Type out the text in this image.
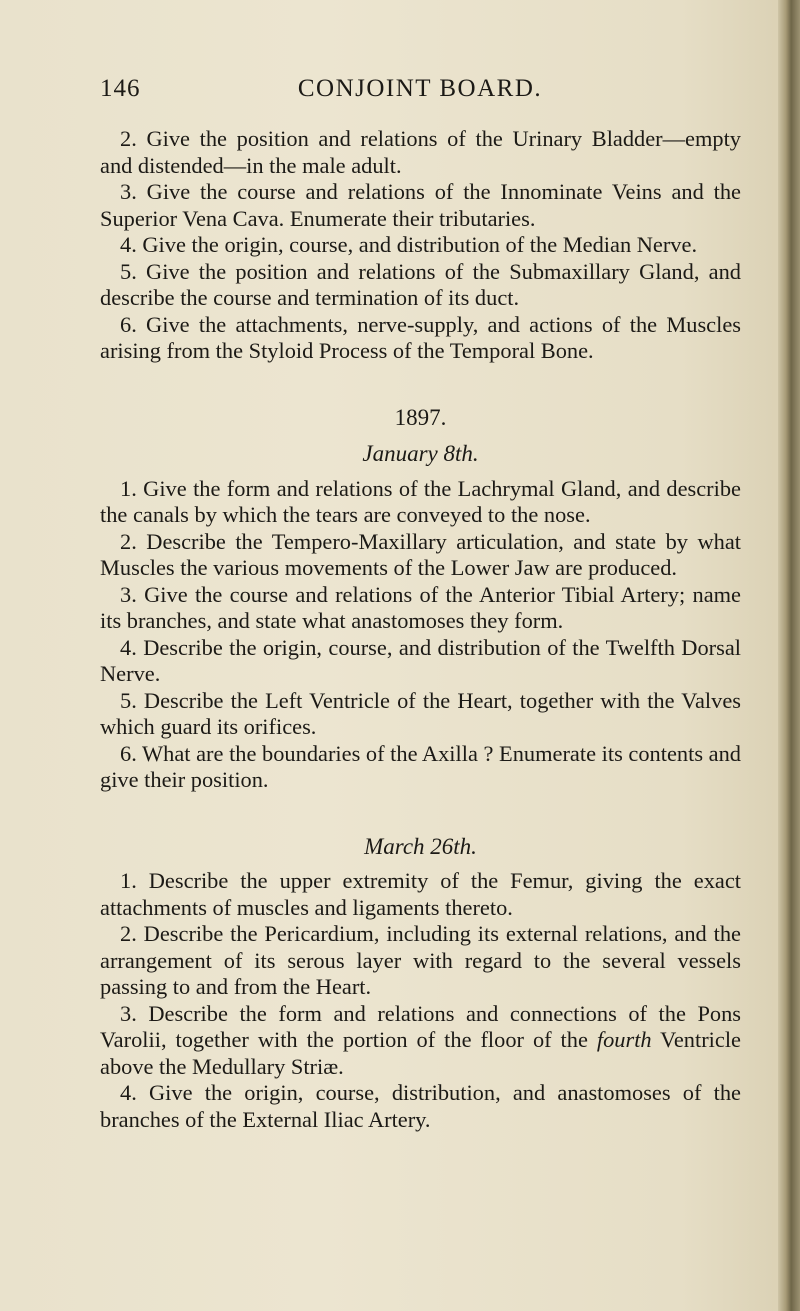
146	CONJOINT BOARD.

2. Give the position and relations of the Urinary Bladder—empty and distended—in the male adult.

3. Give the course and relations of the Innominate Veins and the Superior Vena Cava. Enumerate their tributaries.

4. Give the origin, course, and distribution of the Median Nerve.

5. Give the position and relations of the Submaxillary Gland, and describe the course and termination of its duct.

6. Give the attachments, nerve-supply, and actions of the Muscles arising from the Styloid Process of the Temporal Bone.

1897.

January 8th.

1. Give the form and relations of the Lachrymal Gland, and describe the canals by which the tears are conveyed to the nose.

2. Describe the Tempero-Maxillary articulation, and state by what Muscles the various movements of the Lower Jaw are produced.

3. Give the course and relations of the Anterior Tibial Artery; name its branches, and state what anastomoses they form.

4. Describe the origin, course, and distribution of the Twelfth Dorsal Nerve.

5. Describe the Left Ventricle of the Heart, together with the Valves which guard its orifices.

6. What are the boundaries of the Axilla ? Enumerate its contents and give their position.

March 26th.

1. Describe the upper extremity of the Femur, giving the exact attachments of muscles and ligaments thereto.

2. Describe the Pericardium, including its external relations, and the arrangement of its serous layer with regard to the several vessels passing to and from the Heart.

3. Describe the form and relations and connections of the Pons Varolii, together with the portion of the floor of the fourth Ventricle above the Medullary Striæ.

4. Give the origin, course, distribution, and anastomoses of the branches of the External Iliac Artery.
